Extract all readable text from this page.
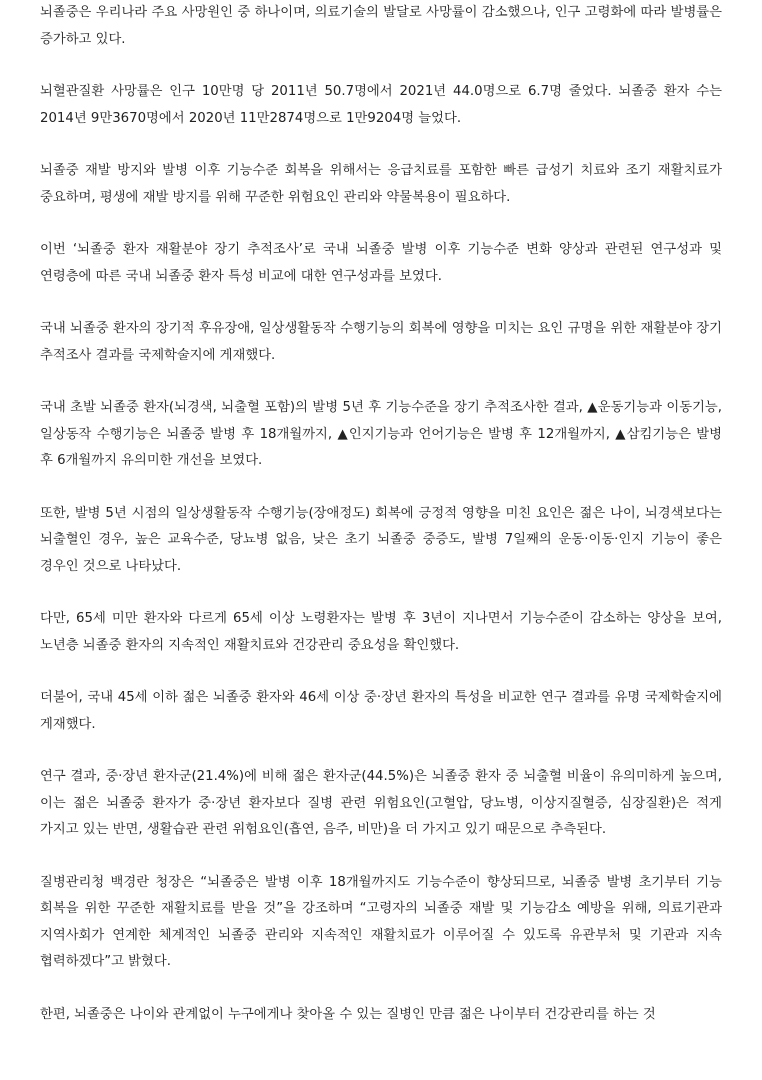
뇌졸중은 우리나라 주요 사망원인 중 하나이며, 의료기술의 발달로 사망률이 감소했으나, 인구 고령화에 따라 발병률은 증가하고 있다.

뇌혈관질환 사망률은 인구 10만명 당 2011년 50.7명에서 2021년 44.0명으로 6.7명 줄었다. 뇌졸중 환자 수는 2014년 9만3670명에서 2020년 11만2874명으로 1만9204명 늘었다.

뇌졸중 재발 방지와 발병 이후 기능수준 회복을 위해서는 응급치료를 포함한 빠른 급성기 치료와 조기 재활치료가 중요하며, 평생에 재발 방지를 위해 꾸준한 위험요인 관리와 약물복용이 필요하다.

이번 ‘뇌졸중 환자 재활분야 장기 추적조사’로 국내 뇌졸중 발병 이후 기능수준 변화 양상과 관련된 연구성과 및 연령층에 따른 국내 뇌졸중 환자 특성 비교에 대한 연구성과를 보였다.

국내 뇌졸중 환자의 장기적 후유장애, 일상생활동작 수행기능의 회복에 영향을 미치는 요인 규명을 위한 재활분야 장기 추적조사 결과를 국제학술지에 게재했다.

국내 초발 뇌졸중 환자(뇌경색, 뇌출혈 포함)의 발병 5년 후 기능수준을 장기 추적조사한 결과, ▲운동기능과 이동기능, 일상동작 수행기능은 뇌졸중 발병 후 18개월까지, ▲인지기능과 언어기능은 발병 후 12개월까지, ▲삼킴기능은 발병 후 6개월까지 유의미한 개선을 보였다.

또한, 발병 5년 시점의 일상생활동작 수행기능(장애정도) 회복에 긍정적 영향을 미친 요인은 젊은 나이, 뇌경색보다는 뇌출혈인 경우, 높은 교육수준, 당뇨병 없음, 낮은 초기 뇌졸중 중증도, 발병 7일째의 운동·이동·인지 기능이 좋은 경우인 것으로 나타났다.

다만, 65세 미만 환자와 다르게 65세 이상 노령환자는 발병 후 3년이 지나면서 기능수준이 감소하는 양상을 보여, 노년층 뇌졸중 환자의 지속적인 재활치료와 건강관리 중요성을 확인했다.

더불어, 국내 45세 이하 젊은 뇌졸중 환자와 46세 이상 중·장년 환자의 특성을 비교한 연구 결과를 유명 국제학술지에 게재했다.

연구 결과, 중·장년 환자군(21.4%)에 비해 젊은 환자군(44.5%)은 뇌졸중 환자 중 뇌출혈 비율이 유의미하게 높으며, 이는 젊은 뇌졸중 환자가 중·장년 환자보다 질병 관련 위험요인(고혈압, 당뇨병, 이상지질혈증, 심장질환)은 적게 가지고 있는 반면, 생활습관 관련 위험요인(흡연, 음주, 비만)을 더 가지고 있기 때문으로 추측된다.

질병관리청 백경란 청장은 “뇌졸중은 발병 이후 18개월까지도 기능수준이 향상되므로, 뇌졸중 발병 초기부터 기능 회복을 위한 꾸준한 재활치료를 받을 것”을 강조하며 “고령자의 뇌졸중 재발 및 기능감소 예방을 위해, 의료기관과 지역사회가 연계한 체계적인 뇌졸중 관리와 지속적인 재활치료가 이루어질 수 있도록 유관부처 및 기관과 지속 협력하겠다”고 밝혔다.

한편, 뇌졸중은 나이와 관계없이 누구에게나 찾아올 수 있는 질병인 만큼 젊은 나이부터 건강관리를 하는 것
